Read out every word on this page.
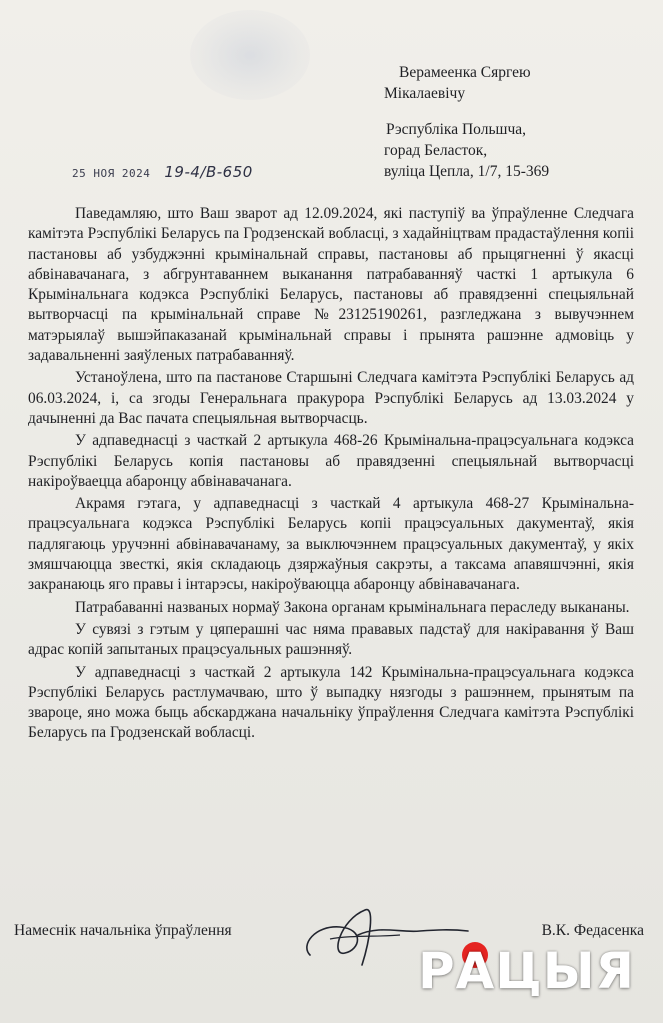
Верамеенка Сяргею
Мікалаевічу
Рэспубліка Польшча,
горад Беласток,
вуліца Цепла, 1/7, 15-369
25 НОЯ 2024 19-4/В-650

Паведамляю, што Ваш зварот ад 12.09.2024, які паступіў ва ўпраўленне Следчага камітэта Рэспублікі Беларусь па Гродзенскай вобласці, з хадайніцтвам прадастаўлення копіі пастановы аб узбуджэнні крымінальнай справы, пастановы аб прыцягненні ў якасці абвінавачанага, з абгрунтаваннем выканання патрабаванняў часткі 1 артыкула 6 Крымінальнага кодэкса Рэспублікі Беларусь, пастановы аб правядзенні спецыяльнай вытворчасці па крымінальнай справе №23125190261, разгледжана з вывучэннем матэрыялаў вышэйпаказанай крымінальнай справы і прынята рашэнне адмовіць у задавальненні заяўленых патрабаванняў.

Устаноўлена, што па пастанове Старшыні Следчага камітэта Рэспублікі Беларусь ад 06.03.2024, і, са згоды Генеральнага пракурора Рэспублікі Беларусь ад 13.03.2024 у дачыненні да Вас пачата спецыяльная вытворчасць.

У адпаведнасці з часткай 2 артыкула 468-26 Крымінальна-працэсуальнага кодэкса Рэспублікі Беларусь копія пастановы аб правядзенні спецыяльнай вытворчасці накіроўваецца абаронцу абвінавачанага.

Акрамя гэтага, у адпаведнасці з часткай 4 артыкула 468-27 Крымінальна-працэсуальнага кодэкса Рэспублікі Беларусь копіі працэсуальных дакументаў, якія падлягаюць уручэнні абвінавачанаму, за выключэннем працэсуальных дакументаў, у якіх змяшчаюцца звесткі, якія складаюць дзяржаўныя сакрэты, а таксама апавяшчэнні, якія закранаюць яго правы і інтарэсы, накіроўваюцца абаронцу абвінавачанага.

Патрабаванні названых нормаў Закона органам крымінальнага пераследу выкананы.

У сувязі з гэтым у цяперашні час няма прававых падстаў для накіравання ў Ваш адрас копій запытаных працэсуальных рашэнняў.

У адпаведнасці з часткай 2 артыкула 142 Крымінальна-працэсуальнага кодэкса Рэспублікі Беларусь растлумачваю, што ў выпадку нязгоды з рашэннем, прынятым па звароце, яно можа быць абскарджана начальніку ўпраўлення Следчага камітэта Рэспублікі Беларусь па Гродзенскай вобласці.

Намеснік начальніка ўпраўлення	В.К. Федасенка
РАЦЫЯ
